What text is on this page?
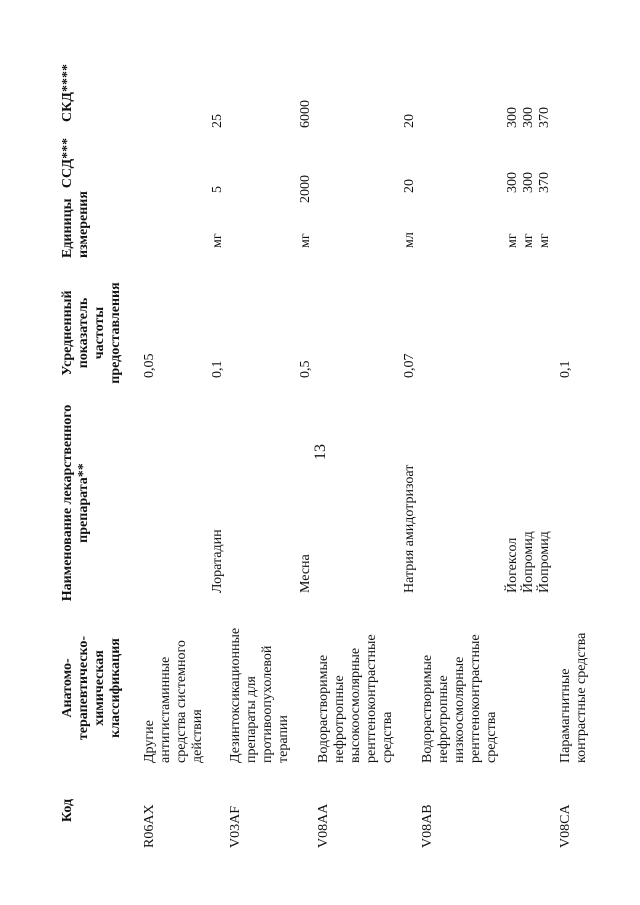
13
Код
Анатомо-терапевтическо-химическая классификация
Наименование лекарственного препарата**
Усредненный показатель частоты предоставления
Единицы измерения
ССД***
СКД****
R06AX
Другие антигистаминные средства системного действия
0,05
Лоратадин
0,1
мг
5
25
V03AF
Дезинтоксикационные препараты для противоопухолевой терапии
Месна
0,5
мг
2000
6000
V08AA
Водорастворимые нефротропные высокоосмолярные рентгеноконтрастные средства
Натрия амидотризоат
0,07
мл
20
20
V08AB
Водорастворимые нефротропные низкоосмолярные рентгеноконтрастные средства
Йогексол
мг
300
300
Йопромид
мг
300
300
Йопромид
мг
370
370
V08CA
Парамагнитные контрастные средства
0,1
